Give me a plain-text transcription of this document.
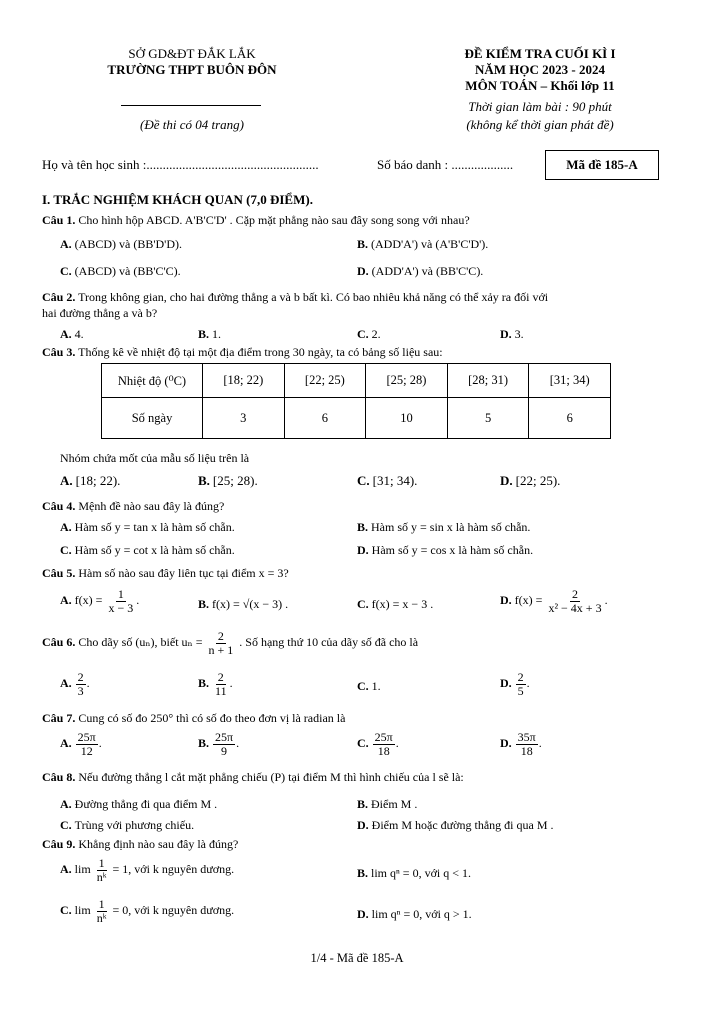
SỞ GD&ĐT ĐẮK LẮK
TRƯỜNG THPT BUÔN ĐÔN
(Đề thi có 04 trang)
ĐỀ KIỂM TRA CUỐI KÌ I
NĂM HỌC 2023 - 2024
MÔN TOÁN – Khối lớp 11
Thời gian làm bài : 90 phút
(không kể thời gian phát đề)
Họ và tên học sinh :.....................................................	Số báo danh : ...................	Mã đề 185-A
I. TRẮC NGHIỆM KHÁCH QUAN (7,0 ĐIỂM).
Câu 1. Cho hình hộp ABCD. A'B'C'D' . Cặp mặt phẳng nào sau đây song song với nhau?
A. (ABCD) và (BB'D'D).	B. (ADD'A') và (A'B'C'D').
C. (ABCD) và (BB'C'C).	D. (ADD'A') và (BB'C'C).
Câu 2. Trong không gian, cho hai đường thẳng a và b bất kì. Có bao nhiêu khả năng có thể xảy ra đối với
hai đường thẳng a và b?
A. 4.	B. 1.	C. 2.	D. 3.
Câu 3. Thống kê về nhiệt độ tại một địa điểm trong 30 ngày, ta có bảng số liệu sau:
Nhiệt độ (⁰C)	[18; 22)	[22; 25)	[25; 28)	[28; 31)	[31; 34)
Số ngày	3	6	10	5	6
Nhóm chứa mốt của mẫu số liệu trên là
A. [18; 22).	B. [25; 28).	C. [31; 34).	D. [22; 25).
Câu 4. Mệnh đề nào sau đây là đúng?
A. Hàm số y = tan x là hàm số chẵn.	B. Hàm số y = sin x là hàm số chẵn.
C. Hàm số y = cot x là hàm số chẵn.	D. Hàm số y = cos x là hàm số chẵn.
Câu 5. Hàm số nào sau đây liên tục tại điểm x = 3?
A. $f(x) = \frac{1}{x - 3}$ .	B. f(x) = √(x − 3) .	C. f(x) = x − 3 .	D. $f(x) = \frac{2}{\text{x² − 4x + 3}}$ .
Câu 6. Cho dãy số (uₙ), biết $u_n = \frac{2}{n + 1}$ . Số hạng thứ 10 của dãy số đã cho là
A. $\frac{2}{3}$ .	B. $\frac{2}{11}$ .	C. 1.	D. $\frac{2}{5}$ .
Câu 7. Cung có số đo 250° thì có số đo theo đơn vị là radian là
A. $\frac{25\pi}{12}$ .	B. $\frac{25\pi}{9}$ .	C. $\frac{25\pi}{18}$ .	D. $\frac{35\pi}{18}$ .
Câu 8. Nếu đường thẳng l cắt mặt phẳng chiếu (P) tại điểm M thì hình chiếu của l sẽ là:
A. Đường thẳng đi qua điểm M .	B. Điểm M .
C. Trùng với phương chiếu.	D. Điểm M hoặc đường thẳng đi qua M .
Câu 9. Khẳng định nào sau đây là đúng?
A. $\lim \frac{1}{\text{nᵏ}} = 1$, với k nguyên dương.	B. lim qⁿ = 0, với q < 1.
C. $\lim \frac{1}{\text{nᵏ}} = 0$, với k nguyên dương.	D. lim qⁿ = 0, với q > 1.
1/4 - Mã đề 185-A
